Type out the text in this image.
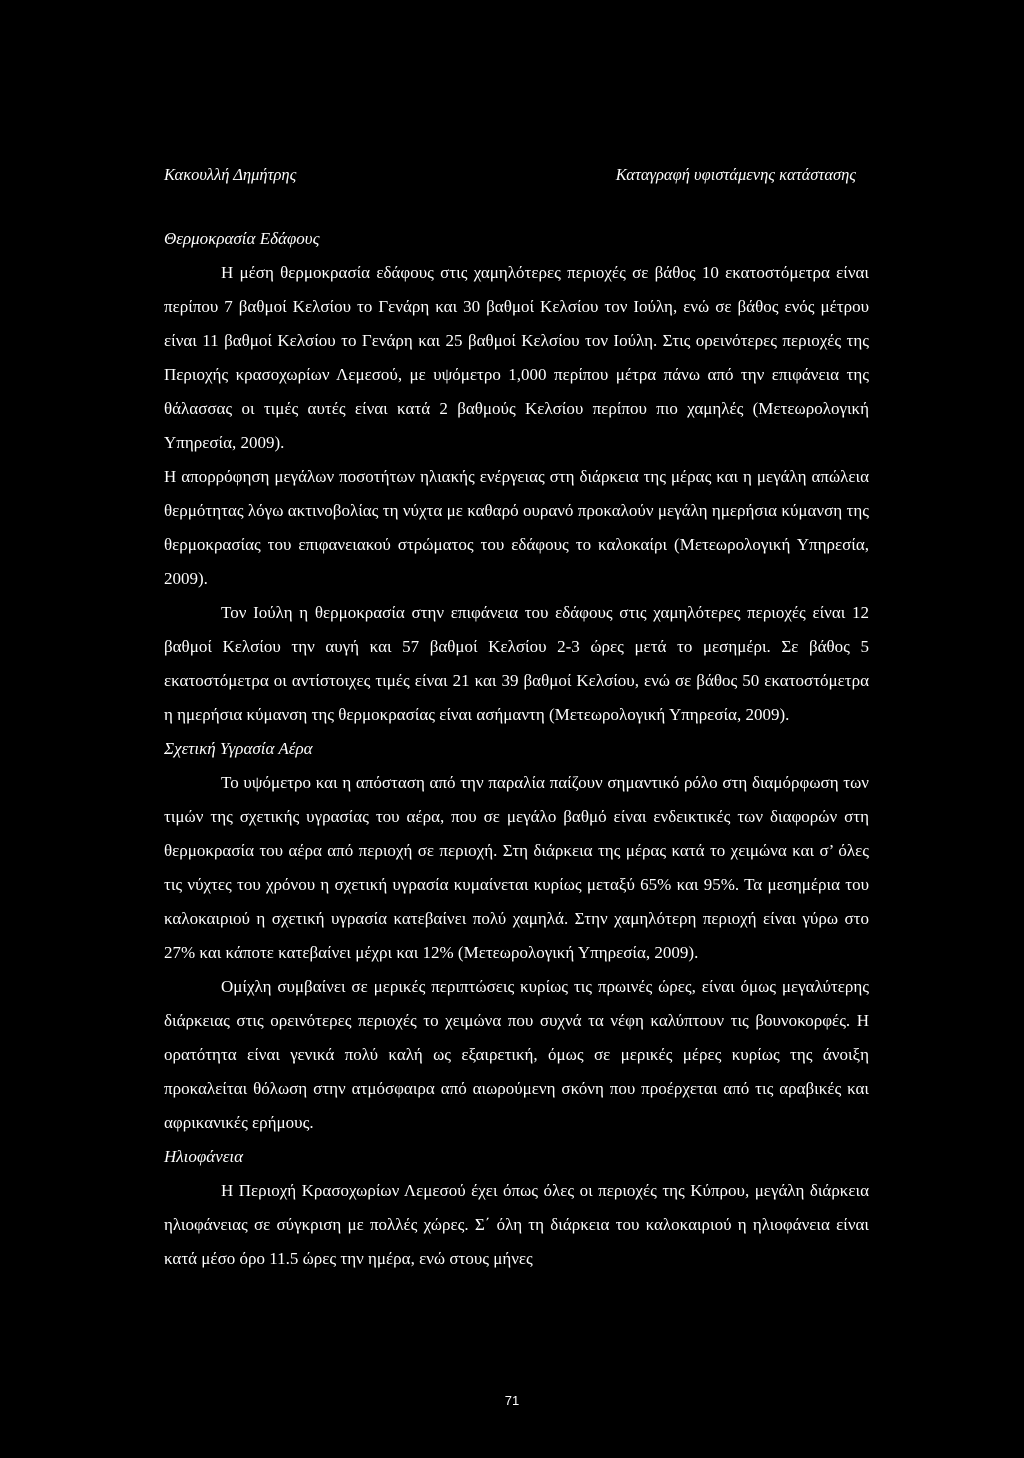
Κακουλλή Δημήτρης	Καταγραφή υφιστάμενης κατάστασης

Θερμοκρασία Εδάφους

Η μέση θερμοκρασία εδάφους στις χαμηλότερες περιοχές σε βάθος 10 εκατοστόμετρα είναι περίπου 7 βαθμοί Κελσίου το Γενάρη και 30 βαθμοί Κελσίου τον Ιούλη, ενώ σε βάθος ενός μέτρου είναι 11 βαθμοί Κελσίου το Γενάρη και 25 βαθμοί Κελσίου τον Ιούλη. Στις ορεινότερες περιοχές της Περιοχής κρασοχωρίων Λεμεσού, με υψόμετρο 1,000 περίπου μέτρα πάνω από την επιφάνεια της θάλασσας οι τιμές αυτές είναι κατά 2 βαθμούς Κελσίου περίπου πιο χαμηλές (Μετεωρολογική Υπηρεσία, 2009).

Η απορρόφηση μεγάλων ποσοτήτων ηλιακής ενέργειας στη διάρκεια της μέρας και η μεγάλη απώλεια θερμότητας λόγω ακτινοβολίας τη νύχτα με καθαρό ουρανό προκαλούν μεγάλη ημερήσια κύμανση της θερμοκρασίας του επιφανειακού στρώματος του εδάφους το καλοκαίρι (Μετεωρολογική Υπηρεσία, 2009).

Τον Ιούλη η θερμοκρασία στην επιφάνεια του εδάφους στις χαμηλότερες περιοχές είναι 12 βαθμοί Κελσίου την αυγή και 57 βαθμοί Κελσίου 2-3 ώρες μετά το μεσημέρι. Σε βάθος 5 εκατοστόμετρα οι αντίστοιχες τιμές είναι 21 και 39 βαθμοί Κελσίου, ενώ σε βάθος 50 εκατοστόμετρα η ημερήσια κύμανση της θερμοκρασίας είναι ασήμαντη (Μετεωρολογική Υπηρεσία, 2009).

Σχετική Υγρασία Αέρα

Το υψόμετρο και η απόσταση από την παραλία παίζουν σημαντικό ρόλο στη διαμόρφωση των τιμών της σχετικής υγρασίας του αέρα, που σε μεγάλο βαθμό είναι ενδεικτικές των διαφορών στη θερμοκρασία του αέρα από περιοχή σε περιοχή. Στη διάρκεια της μέρας κατά το χειμώνα και σ’ όλες τις νύχτες του χρόνου η σχετική υγρασία κυμαίνεται κυρίως μεταξύ 65% και 95%. Τα μεσημέρια του καλοκαιριού η σχετική υγρασία κατεβαίνει πολύ χαμηλά. Στην χαμηλότερη περιοχή είναι γύρω στο 27% και κάποτε κατεβαίνει μέχρι και 12% (Μετεωρολογική Υπηρεσία, 2009).

Ομίχλη συμβαίνει σε μερικές περιπτώσεις κυρίως τις πρωινές ώρες, είναι όμως μεγαλύτερης διάρκειας στις ορεινότερες περιοχές το χειμώνα που συχνά τα νέφη καλύπτουν τις βουνοκορφές. Η ορατότητα είναι γενικά πολύ καλή ως εξαιρετική, όμως σε μερικές μέρες κυρίως της άνοιξη προκαλείται θόλωση στην ατμόσφαιρα από αιωρούμενη σκόνη που προέρχεται από τις αραβικές και αφρικανικές ερήμους.

Ηλιοφάνεια

Η Περιοχή Κρασοχωρίων Λεμεσού έχει όπως όλες οι περιοχές της Κύπρου, μεγάλη διάρκεια ηλιοφάνειας σε σύγκριση με πολλές χώρες. Σ΄ όλη τη διάρκεια του καλοκαιριού η ηλιοφάνεια είναι κατά μέσο όρο 11.5 ώρες την ημέρα, ενώ στους μήνες

71
